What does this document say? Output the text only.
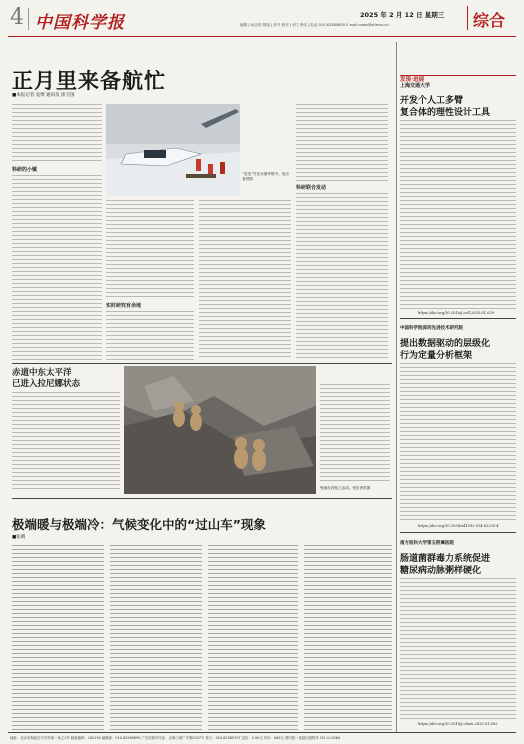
4 中国科学报	2025 年 2 月 12 日 星期三
编辑 | 孙志欣 排版 | 高升 校对 | 何工秀成 | 电话 010-62580600 E-mail:news@stimes.cn	综合
正月里来备航忙
■本报记者 袁博 通讯员 徐卫国
科研的小镇
“雪龙”号在冰面考察中。受访者供图
实时研究有余地
科研联合发动
赤道中东太平洋
已进入拉尼娜状态
兔狲在岩壁上活动。受访者供图
极端暖与极端冷：气候变化中的“过山车”现象
■张晴
发现·进展
上海交通大学
开发个人工多臂
复合体的理性设计工具
https://doi.org/10.1016/j.cell.2025.01.029
中国科学院深圳先进技术研究院
提出数据驱动的层级化
行为定量分析框架
https://doi.org/10.1038/s41592-024-02220-4
南方医科大学第五附属医院
肠道菌群毒力系统促进
糖尿病动脉粥样硬化
https://doi.org/10.1016/j.chom.2025.01.002
地址：北京市海淀区中关村南一条乙1号 邮政编码：100190 编辑部：010-62580699 广告经营许可证：京海工商广字第0337号 发行：010-62580707 定价：2.50元 年价：640元 国内统一连续出版物号 CN 11-0084
